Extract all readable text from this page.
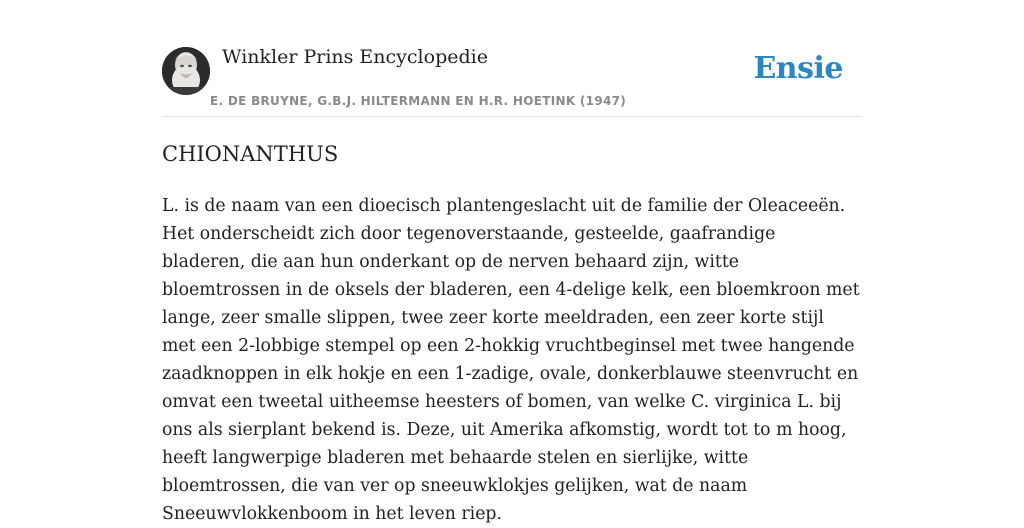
Winkler Prins Encyclopedie
E. DE BRUYNE, G.B.J. HILTERMANN EN H.R. HOETINK (1947)
Ensie
CHIONANTHUS

L. is de naam van een dioecisch plantengeslacht uit de familie der Oleaceeën. Het onderscheidt zich door tegenoverstaande, gesteelde, gaafrandige bladeren, die aan hun onderkant op de nerven behaard zijn, witte bloemtrossen in de oksels der bladeren, een 4-delige kelk, een bloemkroon met lange, zeer smalle slippen, twee zeer korte meeldraden, een zeer korte stijl met een 2-lobbige stempel op een 2-hokkig vruchtbeginsel met twee hangende zaadknoppen in elk hokje en een 1-zadige, ovale, donkerblauwe steenvrucht en omvat een tweetal uitheemse heesters of bomen, van welke C. virginica L. bij ons als sierplant bekend is. Deze, uit Amerika afkomstig, wordt tot to m hoog, heeft langwerpige bladeren met behaarde stelen en sierlijke, witte bloemtrossen, die van ver op sneeuwklokjes gelijken, wat de naam Sneeuwvlokkenboom in het leven riep.
